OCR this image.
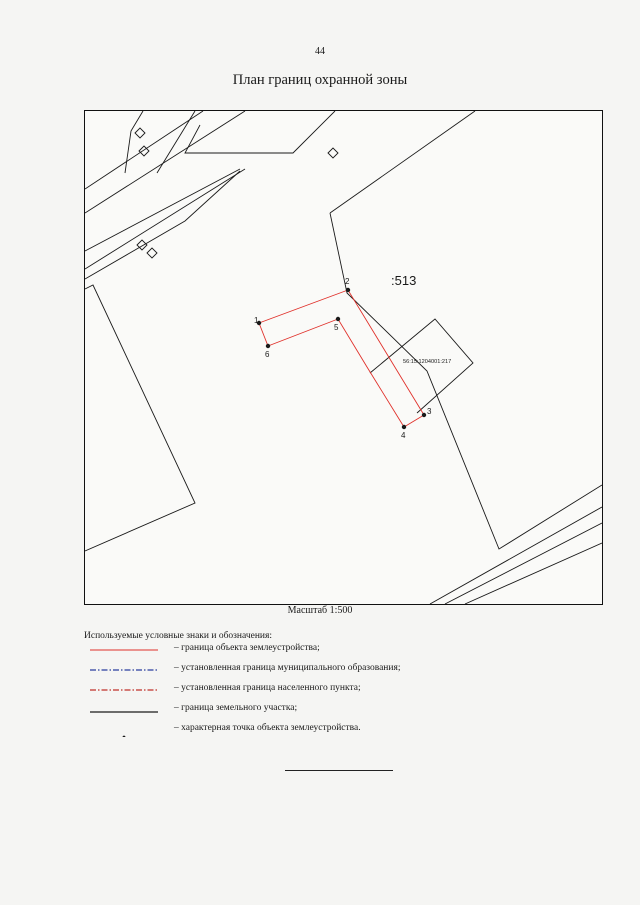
44
План границ охранной зоны
1
2
3
4
5
6
:513
56:15:1204001:217
Масштаб 1:500
Используемые условные знаки и обозначения:
– граница объекта землеустройства;
– установленная граница муниципального образования;
– установленная граница населенного пункта;
– граница земельного участка;
– характерная точка объекта землеустройства.
